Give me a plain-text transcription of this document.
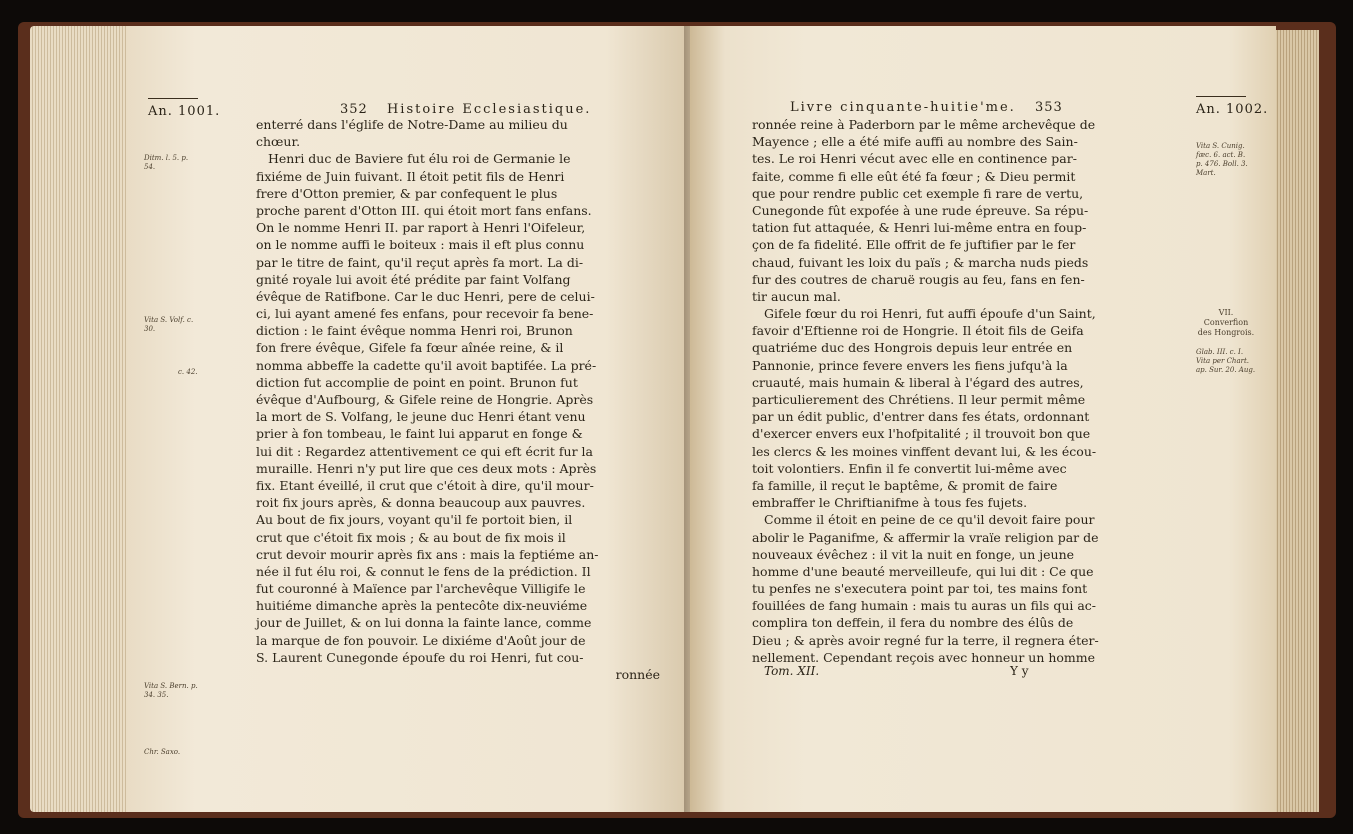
An. 1001.	352 Histoire Ecclesiastique.
Ditm. l. 5. p.
54.
Vita S. Volf. c.
30.
c. 42.
Vita S. Bern. p.
34. 35.
Chr. Saxo.
enterré dans l'églife de Notre-Dame au milieu du
chœur.
Henri duc de Baviere fut élu roi de Germanie le
fixiéme de Juin fuivant. Il étoit petit fils de Henri
frere d'Otton premier, & par confequent le plus
proche parent d'Otton III. qui étoit mort fans enfans.
On le nomme Henri II. par raport à Henri l'Oifeleur,
on le nomme auffi le boiteux : mais il eft plus connu
par le titre de faint, qu'il reçut après fa mort. La di-
gnité royale lui avoit été prédite par faint Volfang
évêque de Ratifbone. Car le duc Henri, pere de celui-
ci, lui ayant amené fes enfans, pour recevoir fa bene-
diction : le faint évêque nomma Henri roi, Brunon
fon frere évêque, Gifele fa fœur aînée reine, & il
nomma abbeffe la cadette qu'il avoit baptifée. La pré-
diction fut accomplie de point en point. Brunon fut
évêque d'Aufbourg, & Gifele reine de Hongrie. Après
la mort de S. Volfang, le jeune duc Henri étant venu
prier à fon tombeau, le faint lui apparut en fonge &
lui dit : Regardez attentivement ce qui eft écrit fur la
muraille. Henri n'y put lire que ces deux mots : Après
fix. Etant éveillé, il crut que c'étoit à dire, qu'il mour-
roit fix jours après, & donna beaucoup aux pauvres.
Au bout de fix jours, voyant qu'il fe portoit bien, il
crut que c'étoit fix mois ; & au bout de fix mois il
crut devoir mourir après fix ans : mais la feptiéme an-
née il fut élu roi, & connut le fens de la prédiction. Il
fut couronné à Maïence par l'archevêque Villigife le
huitiéme dimanche après la pentecôte dix-neuviéme
jour de Juillet, & on lui donna la fainte lance, comme
la marque de fon pouvoir. Le dixiéme d'Août jour de
S. Laurent Cunegonde époufe du roi Henri, fut cou-
ronnée
Livre cinquante-huitie'me. 353	An. 1002.
Vita S. Cunig.
fæc. 6. act. B.
p. 476. Boll. 3.
Mart.
VII.
Converfion
des Hongrois.
Glab. III. c. I.
Vita per Chart.
ap. Sur. 20. Aug.
ronnée reine à Paderborn par le même archevêque de
Mayence ; elle a été mife auffi au nombre des Sain-
tes. Le roi Henri vécut avec elle en continence par-
faite, comme fi elle eût été fa fœur ; & Dieu permit
que pour rendre public cet exemple fi rare de vertu,
Cunegonde fût expofée à une rude épreuve. Sa répu-
tation fut attaquée, & Henri lui-même entra en foup-
çon de fa fidelité. Elle offrit de fe juftifier par le fer
chaud, fuivant les loix du païs ; & marcha nuds pieds
fur des coutres de charuë rougis au feu, fans en fen-
tir aucun mal.
Gifele fœur du roi Henri, fut auffi époufe d'un Saint,
favoir d'Eftienne roi de Hongrie. Il étoit fils de Geifa
quatriéme duc des Hongrois depuis leur entrée en
Pannonie, prince fevere envers les fiens jufqu'à la
cruauté, mais humain & liberal à l'égard des autres,
particulierement des Chrétiens. Il leur permit même
par un édit public, d'entrer dans fes états, ordonnant
d'exercer envers eux l'hofpitalité ; il trouvoit bon que
les clercs & les moines vinffent devant lui, & les écou-
toit volontiers. Enfin il fe convertit lui-même avec
fa famille, il reçut le baptême, & promit de faire
embraffer le Chriftianifme à tous fes fujets.
Comme il étoit en peine de ce qu'il devoit faire pour
abolir le Paganifme, & affermir la vraïe religion par de
nouveaux évêchez : il vit la nuit en fonge, un jeune
homme d'une beauté merveilleufe, qui lui dit : Ce que
tu penfes ne s'executera point par toi, tes mains font
fouillées de fang humain : mais tu auras un fils qui ac-
complira ton deffein, il fera du nombre des élûs de
Dieu ; & après avoir regné fur la terre, il regnera éter-
nellement. Cependant reçois avec honneur un homme
Tom. XII.	Y y
